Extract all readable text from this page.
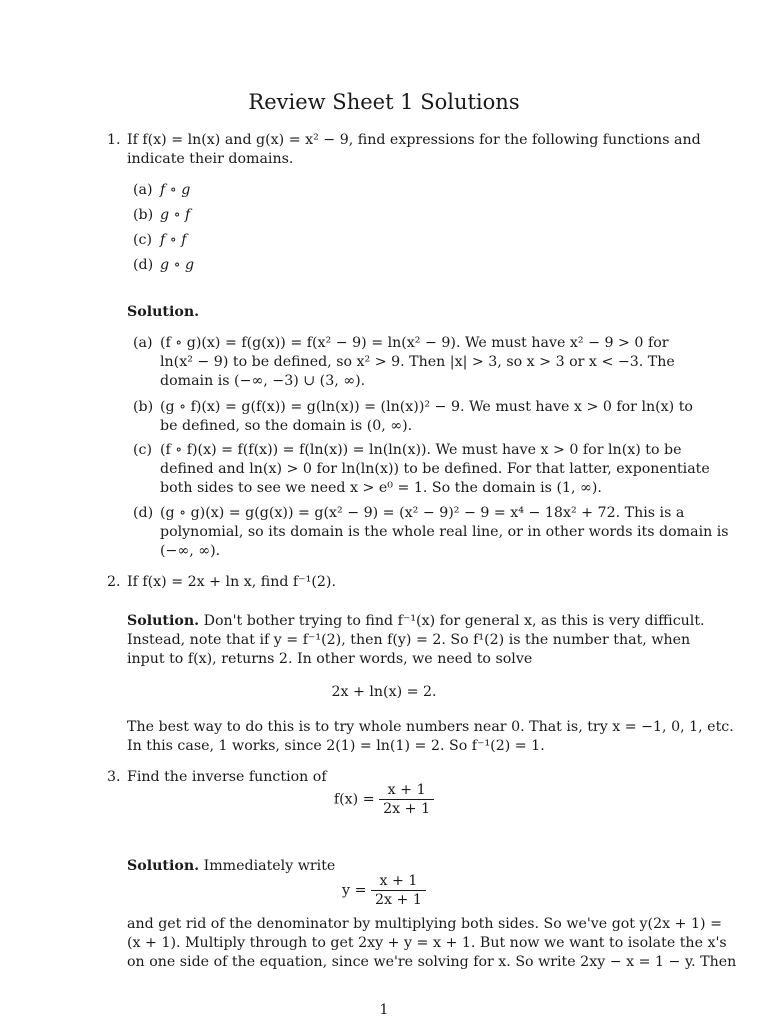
Review Sheet 1 Solutions
1. If f(x) = ln(x) and g(x) = x² − 9, find expressions for the following functions and
indicate their domains.
(a) f ∘ g
(b) g ∘ f
(c) f ∘ f
(d) g ∘ g
Solution.
(a) (f ∘ g)(x) = f(g(x)) = f(x² − 9) = ln(x² − 9). We must have x² − 9 > 0 for
ln(x² − 9) to be defined, so x² > 9. Then |x| > 3, so x > 3 or x < −3. The
domain is (−∞, −3) ∪ (3, ∞).
(b) (g ∘ f)(x) = g(f(x)) = g(ln(x)) = (ln(x))² − 9. We must have x > 0 for ln(x) to
be defined, so the domain is (0, ∞).
(c) (f ∘ f)(x) = f(f(x)) = f(ln(x)) = ln(ln(x)). We must have x > 0 for ln(x) to be
defined and ln(x) > 0 for ln(ln(x)) to be defined. For that latter, exponentiate
both sides to see we need x > e⁰ = 1. So the domain is (1, ∞).
(d) (g ∘ g)(x) = g(g(x)) = g(x² − 9) = (x² − 9)² − 9 = x⁴ − 18x² + 72. This is a
polynomial, so its domain is the whole real line, or in other words its domain is
(−∞, ∞).
2. If f(x) = 2x + ln x, find f⁻¹(2).
Solution. Don't bother trying to find f⁻¹(x) for general x, as this is very difficult.
Instead, note that if y = f⁻¹(2), then f(y) = 2. So f¹(2) is the number that, when
input to f(x), returns 2. In other words, we need to solve
2x + ln(x) = 2.
The best way to do this is to try whole numbers near 0. That is, try x = −1, 0, 1, etc.
In this case, 1 works, since 2(1) = ln(1) = 2. So f⁻¹(2) = 1.
3. Find the inverse function of
$f(x) = \frac{x + 1}{2x + 1}$
Solution. Immediately write
$y = \frac{x + 1}{2x + 1}$
and get rid of the denominator by multiplying both sides. So we've got y(2x + 1) =
(x + 1). Multiply through to get 2xy + y = x + 1. But now we want to isolate the x's
on one side of the equation, since we're solving for x. So write 2xy − x = 1 − y. Then
1
